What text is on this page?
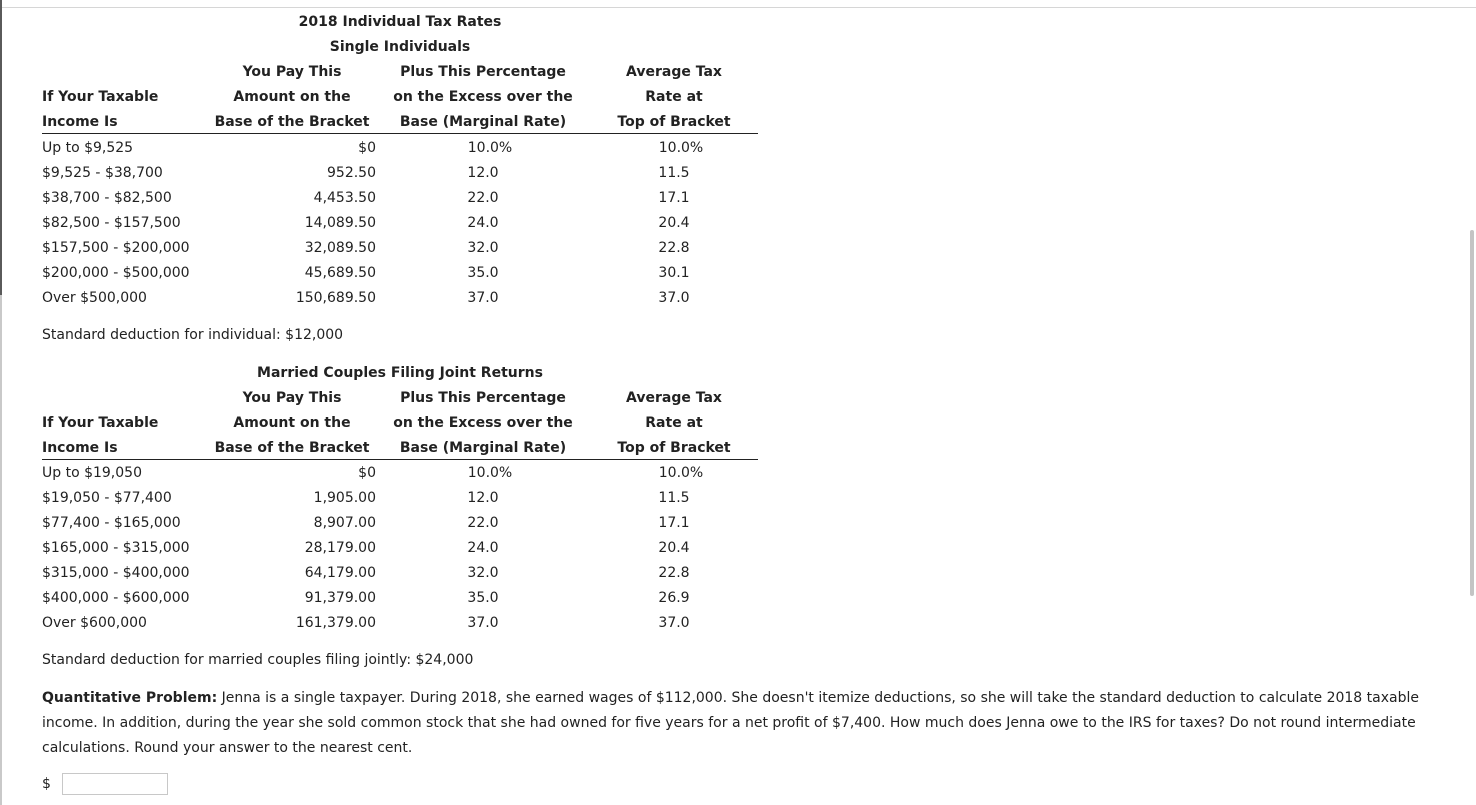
2018 Individual Tax Rates
Single Individuals
If Your Taxable
Income Is
You Pay This
Amount on the
Base of the Bracket
Plus This Percentage
on the Excess over the
Base (Marginal Rate)
Average Tax
Rate at
Top of Bracket
Up to $9,525	$0	10.0%	10.0%
$9,525 - $38,700	952.50	12.0	11.5
$38,700 - $82,500	4,453.50	22.0	17.1
$82,500 - $157,500	14,089.50	24.0	20.4
$157,500 - $200,000	32,089.50	32.0	22.8
$200,000 - $500,000	45,689.50	35.0	30.1
Over $500,000	150,689.50	37.0	37.0
Standard deduction for individual: $12,000
Married Couples Filing Joint Returns
If Your Taxable
Income Is
You Pay This
Amount on the
Base of the Bracket
Plus This Percentage
on the Excess over the
Base (Marginal Rate)
Average Tax
Rate at
Top of Bracket
Up to $19,050	$0	10.0%	10.0%
$19,050 - $77,400	1,905.00	12.0	11.5
$77,400 - $165,000	8,907.00	22.0	17.1
$165,000 - $315,000	28,179.00	24.0	20.4
$315,000 - $400,000	64,179.00	32.0	22.8
$400,000 - $600,000	91,379.00	35.0	26.9
Over $600,000	161,379.00	37.0	37.0
Standard deduction for married couples filing jointly: $24,000
Quantitative Problem: Jenna is a single taxpayer. During 2018, she earned wages of $112,000. She doesn't itemize deductions, so she will take the standard deduction to calculate 2018 taxable income. In addition, during the year she sold common stock that she had owned for five years for a net profit of $7,400. How much does Jenna owe to the IRS for taxes? Do not round intermediate calculations. Round your answer to the nearest cent.
$
